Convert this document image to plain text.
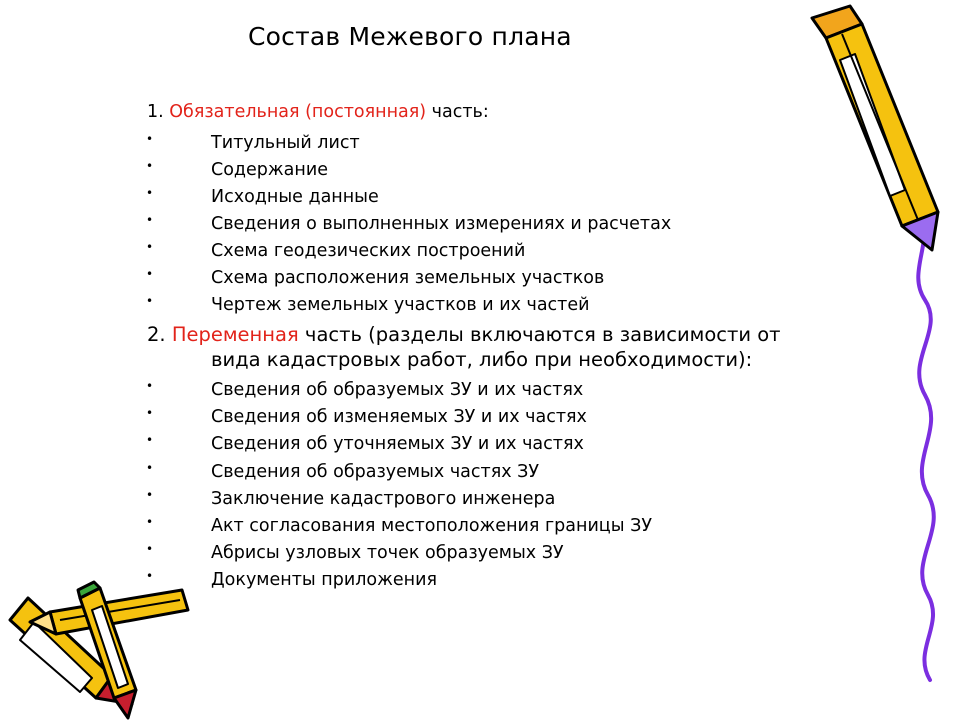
Состав Межевого плана
1. Обязательная (постоянная) часть:
•	Титульный лист
•	Содержание
•	Исходные данные
•	Сведения о выполненных измерениях и расчетах
•	Схема геодезических построений
•	Схема расположения земельных участков
•	Чертеж земельных участков и их частей
2. Переменная часть (разделы включаются в зависимости от
вида кадастровых работ, либо при необходимости):
•	Сведения об образуемых ЗУ и их частях
•	Сведения об изменяемых ЗУ и их частях
•	Сведения об уточняемых ЗУ и их частях
•	Сведения об образуемых частях ЗУ
•	Заключение кадастрового инженера
•	Акт согласования местоположения границы ЗУ
•	Абрисы узловых точек образуемых ЗУ
•	Документы приложения
